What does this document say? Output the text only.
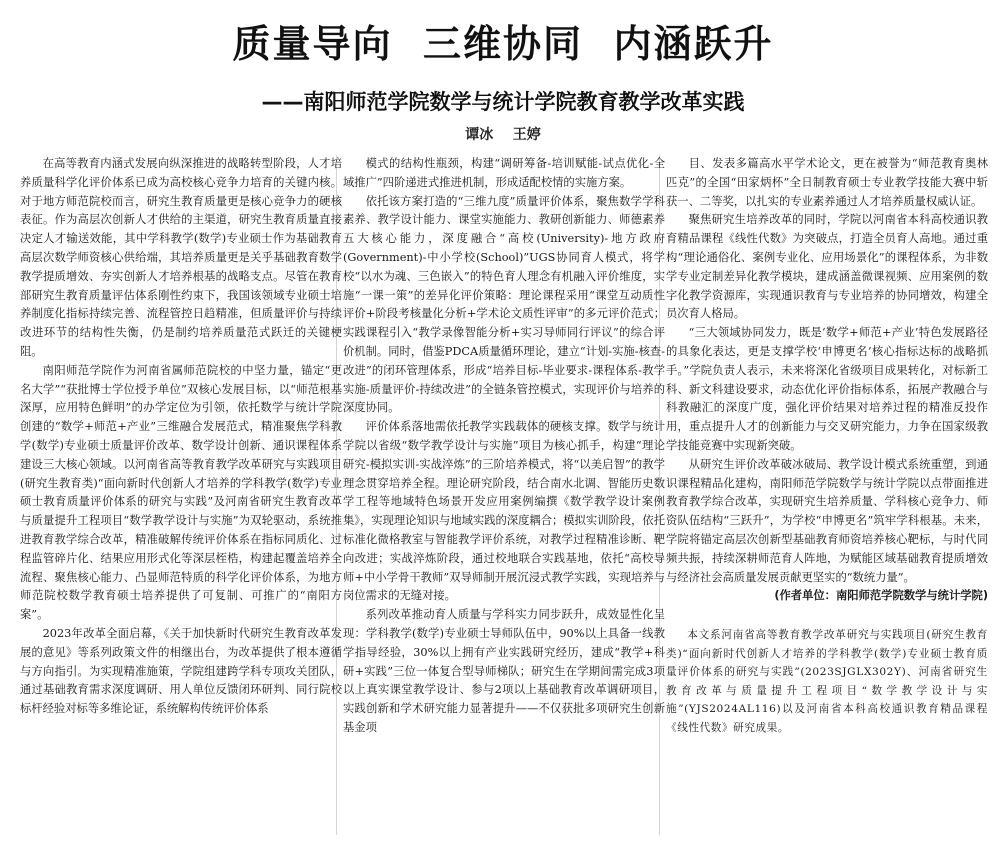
质量导向  三维协同  内涵跃升
——南阳师范学院数学与统计学院教育教学改革实践
谭冰    王婷

在高等教育内涵式发展向纵深推进的战略转型阶段，人才培养质量科学化评价体系已成为高校核心竞争力培育的关键内核。对于地方师范院校而言，研究生教育质量更是核心竞争力的硬核表征。作为高层次创新人才供给的主渠道，研究生教育质量直接决定人才输送效能，其中学科教学(数学)专业硕士作为基础教育高层次数学师资核心供给端，其培养质量更是关乎基础教育数学教学提质增效、夯实创新人才培养根基的战略支点。尽管在教育部研究生教育质量评估体系刚性约束下，我国该领域专业硕士培养制度化指标持续完善、流程管控日趋精准，但质量评价与持续改进环节的结构性失衡，仍是制约培养质量范式跃迁的关键梗阻。

南阳师范学院作为河南省属师范院校的中坚力量，锚定“更名大学”“获批博士学位授予单位”双核心发展目标，以“师范根基深厚，应用特色鲜明”的办学定位为引领，依托数学与统计学院创建的“数学+师范+产业”三维融合发展范式，精准聚焦学科教学(数学)专业硕士质量评价改革、数学设计创新、通识课程体系建设三大核心领域。以河南省高等教育教学改革研究与实践项目(研究生教育类)“面向新时代创新人才培养的学科教学(数学)专业硕士教育质量评价体系的研究与实践”及河南省研究生教育改革与质量提升工程项目“数学教学设计与实施”为双轮驱动，系统推进教育教学综合改革，精准破解传统评价体系在指标同质化、过程监管碎片化、结果应用形式化等深层桎梏，构建起覆盖培养全流程、聚焦核心能力、凸显师范特质的科学化评价体系，为地方师范院校数学教育硕士培养提供了可复制、可推广的“南阳方案”。

2023年改革全面启幕，《关于加快新时代研究生教育改革发展的意见》等系列政策文件的相继出台，为改革提供了根本遵循与方向指引。为实现精准施策，学院组建跨学科专项攻关团队，通过基础教育需求深度调研、用人单位反馈闭环研判、同行院校标杆经验对标等多维论证，系统解构传统评价体系

模式的结构性瓶颈，构建“调研筹备-培训赋能-试点优化-全域推广”四阶递进式推进机制，形成适配校情的实施方案。

依托该方案打造的“三维九度”质量评价体系，聚焦数学学科素养、教学设计能力、课堂实施能力、教研创新能力、师德素养五大核心能力，深度融合“高校(University)-地方政府(Government)-中小学校(School)”UGS协同育人模式，将学校“以水为魂、三色嵌入”的特色育人理念有机融入评价维度，实施“一课一策”的差异化评价策略：理论课程采用“课堂互动质性评价+阶段考核量化分析+学术论文质性评审”的多元评价范式；实践课程引入“教学录像智能分析+实习导师同行评议”的综合评价机制。同时，借鉴PDCA质量循环理论，建立“计划-实施-核查-改进”的闭环管理体系，形成“培养目标-毕业要求-课程体系-教学实施-质量评价-持续改进”的全链条管控模式，实现评价与培养的深度协同。

评价体系落地需依托教学实践载体的硬核支撑。数学与统计学院以省级“数学教学设计与实施”项目为核心抓手，构建“理论研究-模拟实训-实战淬炼”的三阶培养模式，将“以美启智”的教学理念贯穿培养全程。理论研究阶段，结合南水北调、智能历史数学工程等地域特色场景开发应用案例编撰《数学教学设计案例集》，实现理论知识与地域实践的深度耦合；模拟实训阶段，依托标准化微格教室与智能教学评价系统，对教学过程精准诊断、靶向改进；实战淬炼阶段，通过校地联合实践基地，依托“高校导师+中小学骨干教师”双导师制开展沉浸式教学实践，实现培养与岗位需求的无缝对接。

系列改革推动育人质量与学科实力同步跃升，成效显性化呈现：学科教学(数学)专业硕士导师队伍中，90%以上具备一线教学指导经验，30%以上拥有产业实践研究经历，建成“教学+科研+实践”三位一体复合型导师梯队；研究生在学期间需完成3项以上真实课堂教学设计、参与2项以上基础教育改革调研项目，实践创新和学术研究能力显著提升——不仅获批多项研究生创新基金项

目、发表多篇高水平学术论文，更在被誉为“师范教育奥林匹克”的全国“田家炳杯”全日制教育硕士专业教学技能大赛中斩获一、二等奖，以扎实的专业素养通过人才培养质量权威认证。

聚焦研究生培养改革的同时，学院以河南省本科高校通识教育精品课程《线性代数》为突破点，打造全员育人高地。通过重构“理论通俗化、案例专业化、应用场景化”的课程体系，为非数学专业定制差异化教学模块，建成涵盖微课视频、应用案例的数字化教学资源库，实现通识教育与专业培养的协同增效，构建全员次育人格局。

“三大领域协同发力，既是‘数学+师范+产业’特色发展路径的具象化表达，更是支撑学校‘申博更名’核心指标达标的战略抓手。”学院负责人表示，未来将深化省级项目成果转化，对标新工科、新文科建设要求，动态优化评价指标体系，拓展产教融合与科教融汇的深度广度，强化评价结果对培养过程的精准反投作用，重点提升人才的创新能力与交叉研究能力，力争在国家级教学技能竞赛中实现新突破。

从研究生评价改革破冰破局、教学设计模式系统重塑，到通识课程精品化建构，南阳师范学院数学与统计学院以点带面推进教育教学综合改革，实现研究生培养质量、学科核心竞争力、师资队伍结构“三跃升”，为学校“申博更名”筑牢学科根基。未来，学院将锚定高层次创新型基础教育师资培养核心靶标，与时代同频共振，持续深耕师范育人阵地，为赋能区域基础教育提质增效与经济社会高质量发展贡献更坚实的“数统力量”。

(作者单位：南阳师范学院数学与统计学院)

本文系河南省高等教育教学改革研究与实践项目(研究生教育类)“面向新时代创新人才培养的学科教学(数学)专业硕士教育质量评价体系的研究与实践”(2023SJGLX302Y)、河南省研究生教育改革与质量提升工程项目“数学教学设计与实施”(YJS2024AL116)以及河南省本科高校通识教育精品课程《线性代数》研究成果。
